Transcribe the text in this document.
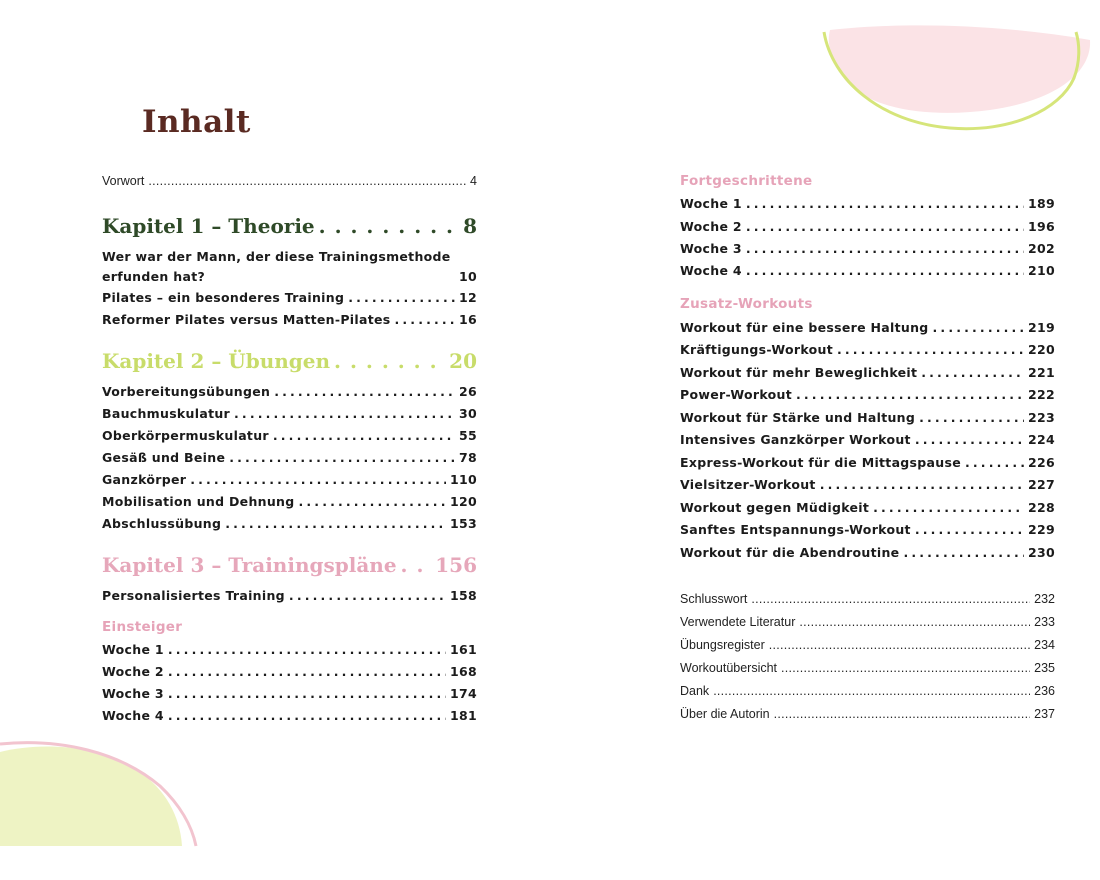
Inhalt
Vorwort . . .	4
Kapitel 1 – Theorie . . .	8
Wer war der Mann, der diese Trainingsmethode
erfunden hat?	10
Pilates – ein besonderes Training . . .	12
Reformer Pilates versus Matten-Pilates . . .	16
Kapitel 2 – Übungen . . .	20
Vorbereitungsübungen . . .	26
Bauchmuskulatur . . .	30
Oberkörpermuskulatur . . .	55
Gesäß und Beine . . .	78
Ganzkörper . . .	110
Mobilisation und Dehnung . . .	120
Abschlussübung . . .	153
Kapitel 3 – Trainingspläne . . . 156
Personalisiertes Training . . .	158
Einsteiger
Woche 1 . . .	161
Woche 2 . . .	168
Woche 3 . . .	174
Woche 4 . . .	181
Fortgeschrittene
Woche 1 . . .	189
Woche 2 . . .	196
Woche 3 . . .	202
Woche 4 . . .	210
Zusatz-Workouts
Workout für eine bessere Haltung . . .	219
Kräftigungs-Workout . . .	220
Workout für mehr Beweglichkeit . . .	221
Power-Workout . . .	222
Workout für Stärke und Haltung . . .	223
Intensives Ganzkörper Workout . . .	224
Express-Workout für die Mittagspause . . .	226
Vielsitzer-Workout . . .	227
Workout gegen Müdigkeit . . .	228
Sanftes Entspannungs-Workout . . .	229
Workout für die Abendroutine . . .	230
Schlusswort . . .	232
Verwendete Literatur . . .	233
Übungsregister . . .	234
Workoutübersicht . . .	235
Dank . . .	236
Über die Autorin . . .	237
